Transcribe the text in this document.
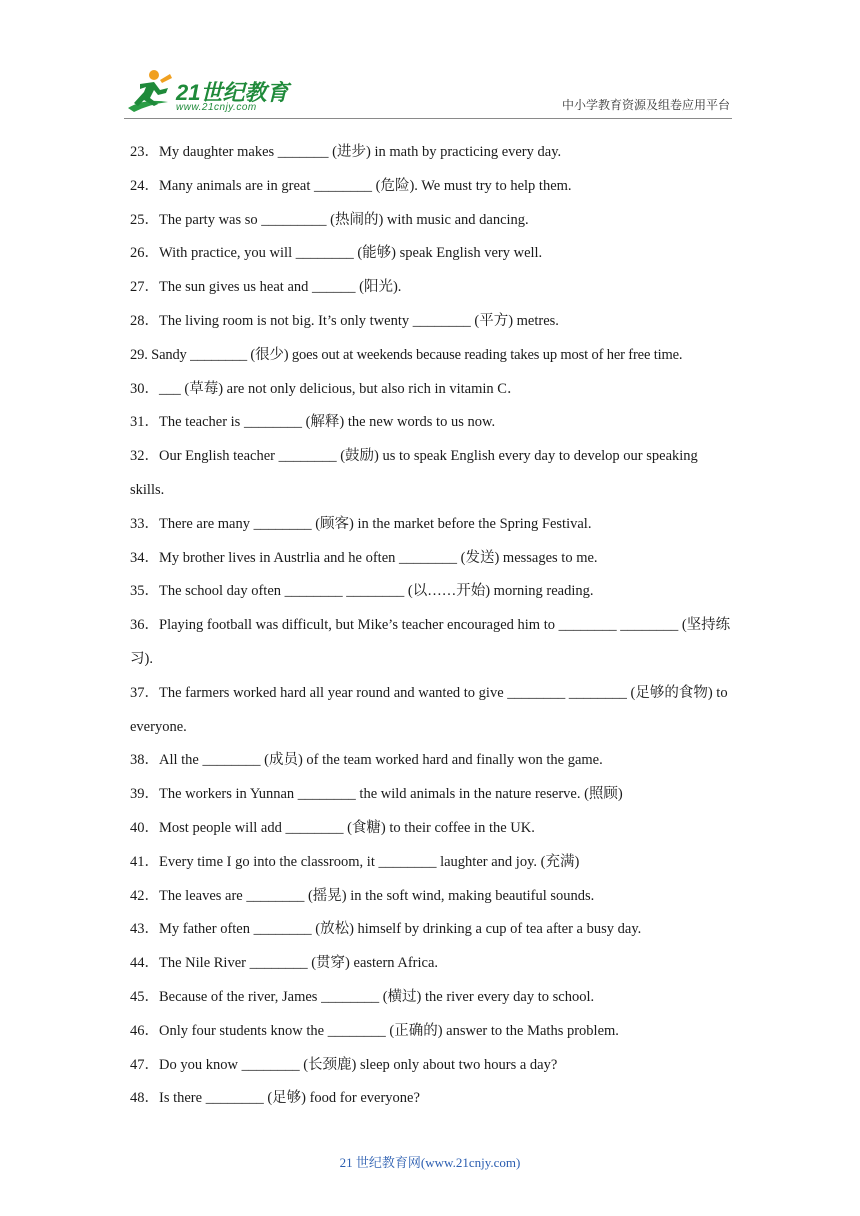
21世纪教育
www.21cnjy.com	中小学教育资源及组卷应用平台
23．My daughter makes _______ (进步) in math by practicing every day.
24．Many animals are in great ________ (危险). We must try to help them.
25．The party was so _________ (热闹的) with music and dancing.
26．With practice, you will ________ (能够) speak English very well.
27．The sun gives us heat and ______ (阳光).
28．The living room is not big. It’s only twenty ________ (平方) metres.
29. Sandy ________ (很少) goes out at weekends because reading takes up most of her free time.
30．___ (草莓) are not only delicious, but also rich in vitamin C．
31．The teacher is ________ (解释) the new words to us now.
32．Our English teacher ________ (鼓励) us to speak English every day to develop our speaking skills.
33．There are many ________ (顾客) in the market before the Spring Festival.
34．My brother lives in Austrlia and he often ________ (发送) messages to me.
35．The school day often ________ ________ (以……开始) morning reading.
36．Playing football was difficult, but Mike’s teacher encouraged him to ________ ________ (坚持练习).
37．The farmers worked hard all year round and wanted to give ________ ________ (足够的食物) to everyone.
38．All the ________ (成员) of the team worked hard and finally won the game.
39．The workers in Yunnan ________ the wild animals in the nature reserve. (照顾)
40．Most people will add ________ (食糖) to their coffee in the UK.
41．Every time I go into the classroom, it ________ laughter and joy. (充满)
42．The leaves are ________ (摇晃) in the soft wind, making beautiful sounds.
43．My father often ________ (放松) himself by drinking a cup of tea after a busy day.
44．The Nile River ________ (贯穿) eastern Africa.
45．Because of the river, James ________ (横过) the river every day to school.
46．Only four students know the ________ (正确的) answer to the Maths problem.
47．Do you know ________ (长颈鹿) sleep only about two hours a day?
48．Is there ________ (足够) food for everyone?
21 世纪教育网(www.21cnjy.com)
